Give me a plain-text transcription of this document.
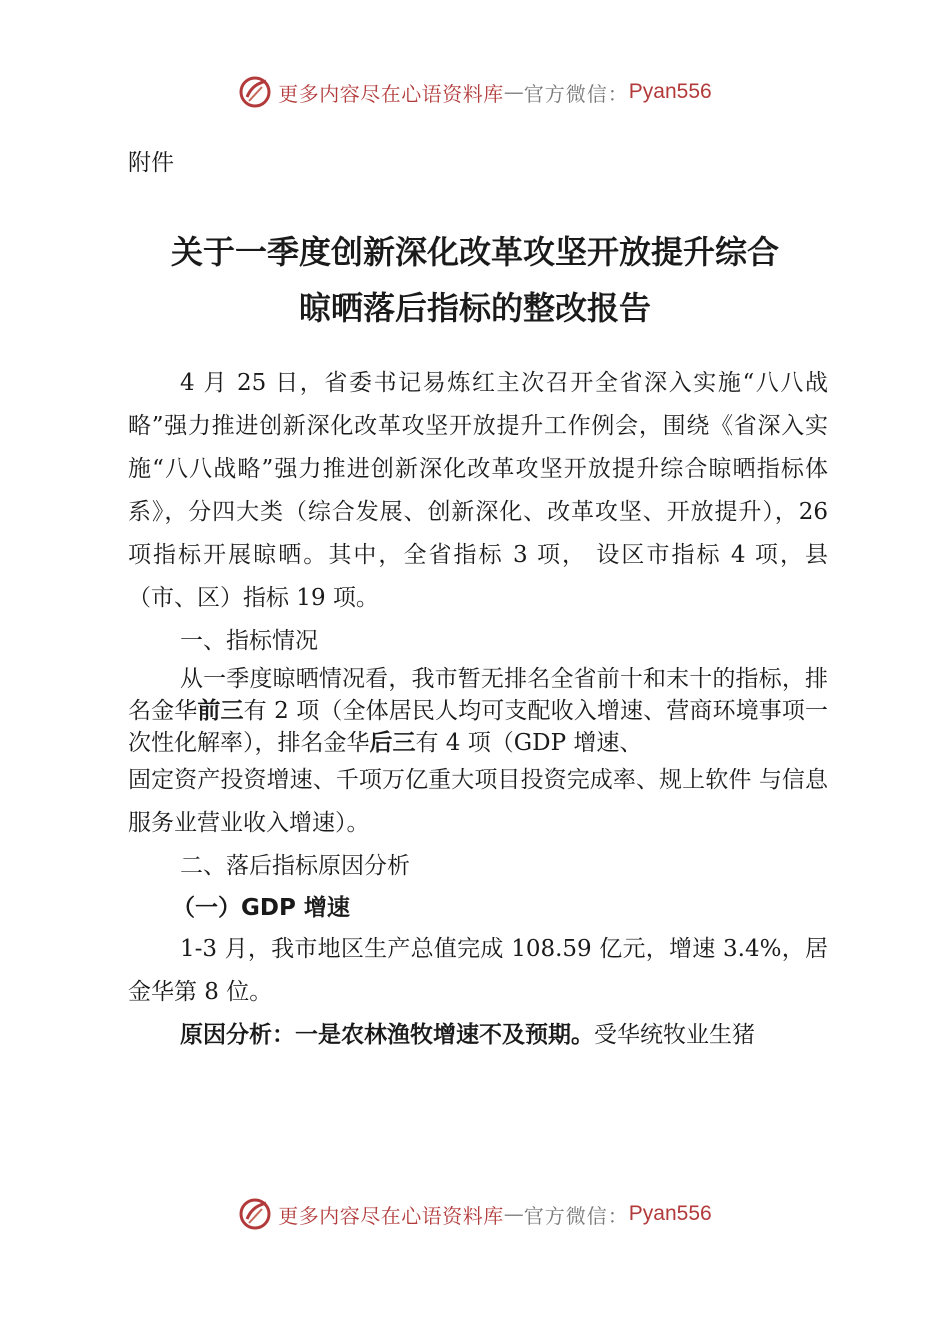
更多内容尽在心语资料库 — 官方微信： Pyan556
附件
关于一季度创新深化改革攻坚开放提升综合
晾晒落后指标的整改报告

4 月 25 日，省委书记易炼红主次召开全省深入实施“八八战略”强力推进创新深化改革攻坚开放提升工作例会，围绕《省深入实施“八八战略”强力推进创新深化改革攻坚开放提升综合晾晒指标体系》，分四大类（综合发展、创新深化、改革攻坚、开放提升），26 项指标开展晾晒。其中，全省指标 3 项， 设区市指标 4 项，县（市、区）指标 19 项。

一、指标情况

从一季度晾晒情况看，我市暂无排名全省前十和末十的指标，排名金华前三有 2 项（全体居民人均可支配收入增速、营商环境事项一次性化解率），排名金华后三有 4 项（GDP 增速、

固定资产投资增速、千项万亿重大项目投资完成率、规上软件 与信息服务业营业收入增速）。

二、落后指标原因分析

（一）GDP 增速

1-3 月，我市地区生产总值完成 108.59 亿元，增速 3.4%，居金华第 8 位。

原因分析：一是农林渔牧增速不及预期。受华统牧业生猪

更多内容尽在心语资料库 — 官方微信： Pyan556
